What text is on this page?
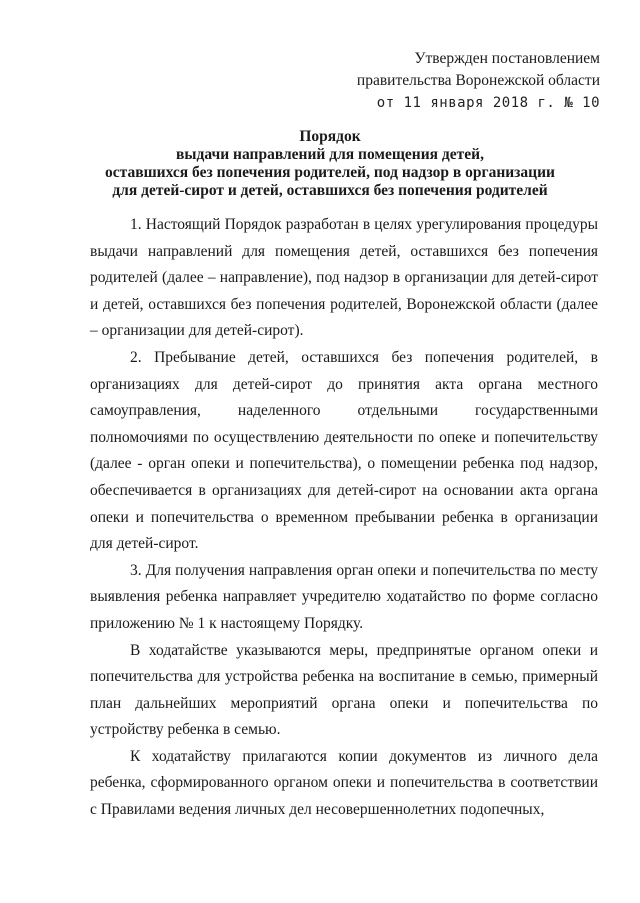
Утвержден постановлением
правительства Воронежской области
от 11 января 2018 г. № 10
Порядок
выдачи направлений для помещения детей,
оставшихся без попечения родителей, под надзор в организации
для детей-сирот и детей, оставшихся без попечения родителей

1. Настоящий Порядок разработан в целях урегулирования процедуры выдачи направлений для помещения детей, оставшихся без попечения родителей (далее – направление), под надзор в организации для детей-сирот и детей, оставшихся без попечения родителей, Воронежской области (далее – организации для детей-сирот).

2. Пребывание детей, оставшихся без попечения родителей, в организациях для детей-сирот до принятия акта органа местного самоуправления, наделенного отдельными государственными полномочиями по осуществлению деятельности по опеке и попечительству (далее - орган опеки и попечительства), о помещении ребенка под надзор, обеспечивается в организациях для детей-сирот на основании акта органа опеки и попечительства о временном пребывании ребенка в организации для детей-сирот.

3. Для получения направления орган опеки и попечительства по месту выявления ребенка направляет учредителю ходатайство по форме согласно приложению № 1 к настоящему Порядку.

В ходатайстве указываются меры, предпринятые органом опеки и попечительства для устройства ребенка на воспитание в семью, примерный план дальнейших мероприятий органа опеки и попечительства по устройству ребенка в семью.

К ходатайству прилагаются копии документов из личного дела ребенка, сформированного органом опеки и попечительства в соответствии с Правилами ведения личных дел несовершеннолетних подопечных,
